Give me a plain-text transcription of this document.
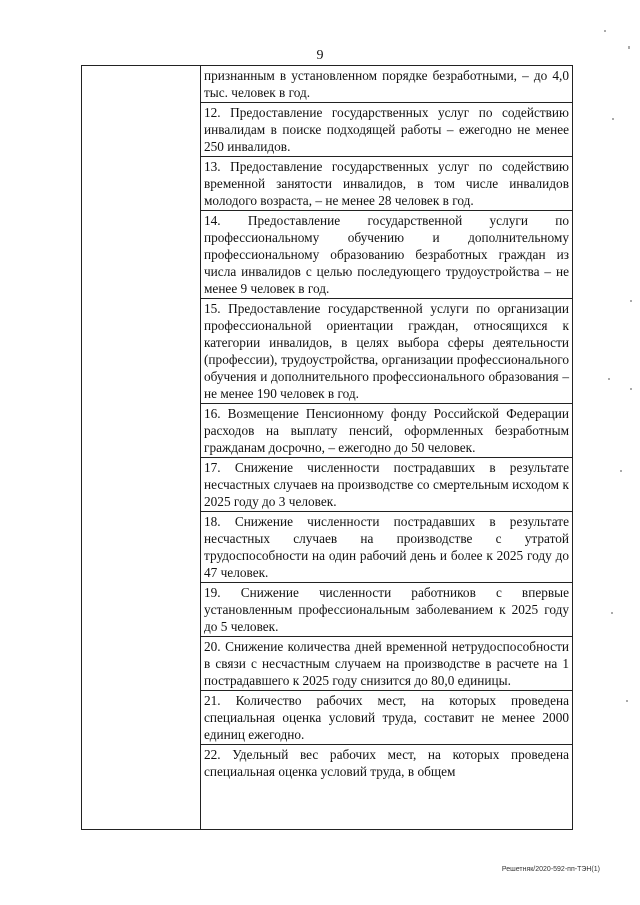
9
признанным в установленном порядке безработными, – до 4,0 тыс. человек в год.
12. Предоставление государственных услуг по содействию инвалидам в поиске подходящей работы – ежегодно не менее 250 инвалидов.
13. Предоставление государственных услуг по содействию временной занятости инвалидов, в том числе инвалидов молодого возраста, – не менее 28 человек в год.
14. Предоставление государственной услуги по профессиональному обучению и дополнительному профессиональному образованию безработных граждан из числа инвалидов с целью последующего трудоустройства – не менее 9 человек в год.
15. Предоставление государственной услуги по организации профессиональной ориентации граждан, относящихся к категории инвалидов, в целях выбора сферы деятельности (профессии), трудоустройства, организации профессионального обучения и дополнительного профессионального образования – не менее 190 человек в год.
16. Возмещение Пенсионному фонду Российской Федерации расходов на выплату пенсий, оформленных безработным гражданам досрочно, – ежегодно до 50 человек.
17. Снижение численности пострадавших в результате несчастных случаев на производстве со смертельным исходом к 2025 году до 3 человек.
18. Снижение численности пострадавших в результате несчастных случаев на производстве с утратой трудоспособности на один рабочий день и более к 2025 году до 47 человек.
19. Снижение численности работников с впервые установленным профессиональным заболеванием к 2025 году до 5 человек.
20. Снижение количества дней временной нетрудоспособности в связи с несчастным случаем на производстве в расчете на 1 пострадавшего к 2025 году снизится до 80,0 единицы.
21. Количество рабочих мест, на которых проведена специальная оценка условий труда, составит не менее 2000 единиц ежегодно.
22. Удельный вес рабочих мест, на которых проведена специальная оценка условий труда, в общем
Решетняк/2020-592-пп-ТЭН(1)
